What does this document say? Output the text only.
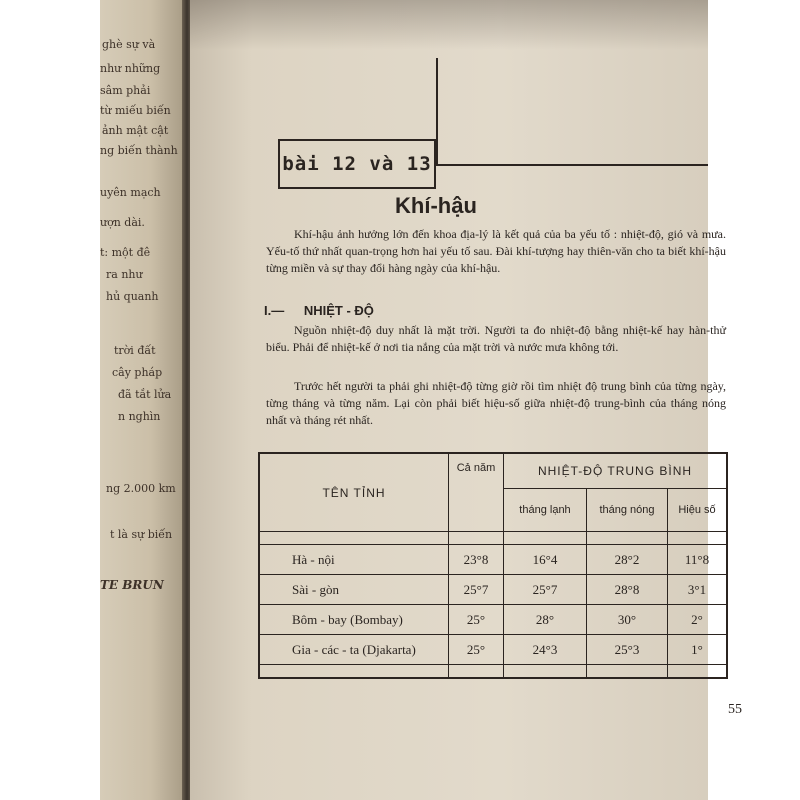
ghè sự và
như những
sâm phải
từ miếu biến
ảnh mật cật
ng biến thành
uyên mạch
ượn dài.
t: một đê
ra như
hủ quanh
trời đất
cây pháp
đã tắt lửa
n nghìn
ng 2.000 km
t là sự biến
TE BRUN
bài 12 và 13
Khí-hậu
Khí-hậu ảnh hưởng lớn đến khoa địa-lý là kết quả của ba yếu tố : nhiệt-độ, gió và mưa. Yếu-tố thứ nhất quan-trọng hơn hai yếu tố sau. Đài khí-tượng hay thiên-văn cho ta biết khí-hậu từng miền và sự thay đổi hàng ngày của khí-hậu.
I.— NHIỆT - ĐỘ
Nguồn nhiệt-độ duy nhất là mặt trời. Người ta đo nhiệt-độ bằng nhiệt-kế hay hàn-thử biểu. Phải để nhiệt-kế ở nơi tia nắng của mặt trời và nước mưa không tới.
Trước hết người ta phải ghi nhiệt-độ từng giờ rồi tìm nhiệt độ trung bình của từng ngày, từng tháng và từng năm. Lại còn phải biết hiệu-số giữa nhiệt-độ trung-bình của tháng nóng nhất và tháng rét nhất.
TÊN TỈNH	Cả năm	NHIỆT-ĐỘ TRUNG BÌNH		
		tháng lạnh	tháng nóng	Hiệu số

Hà - nội	23°8	16°4	28°2	11°8
Sài - gòn	25°7	25°7	28°8	3°1
Bôm - bay (Bombay)	25°	28°	30°	2°
Gia - các - ta (Djakarta)	25°	24°3	25°3	1°

55
